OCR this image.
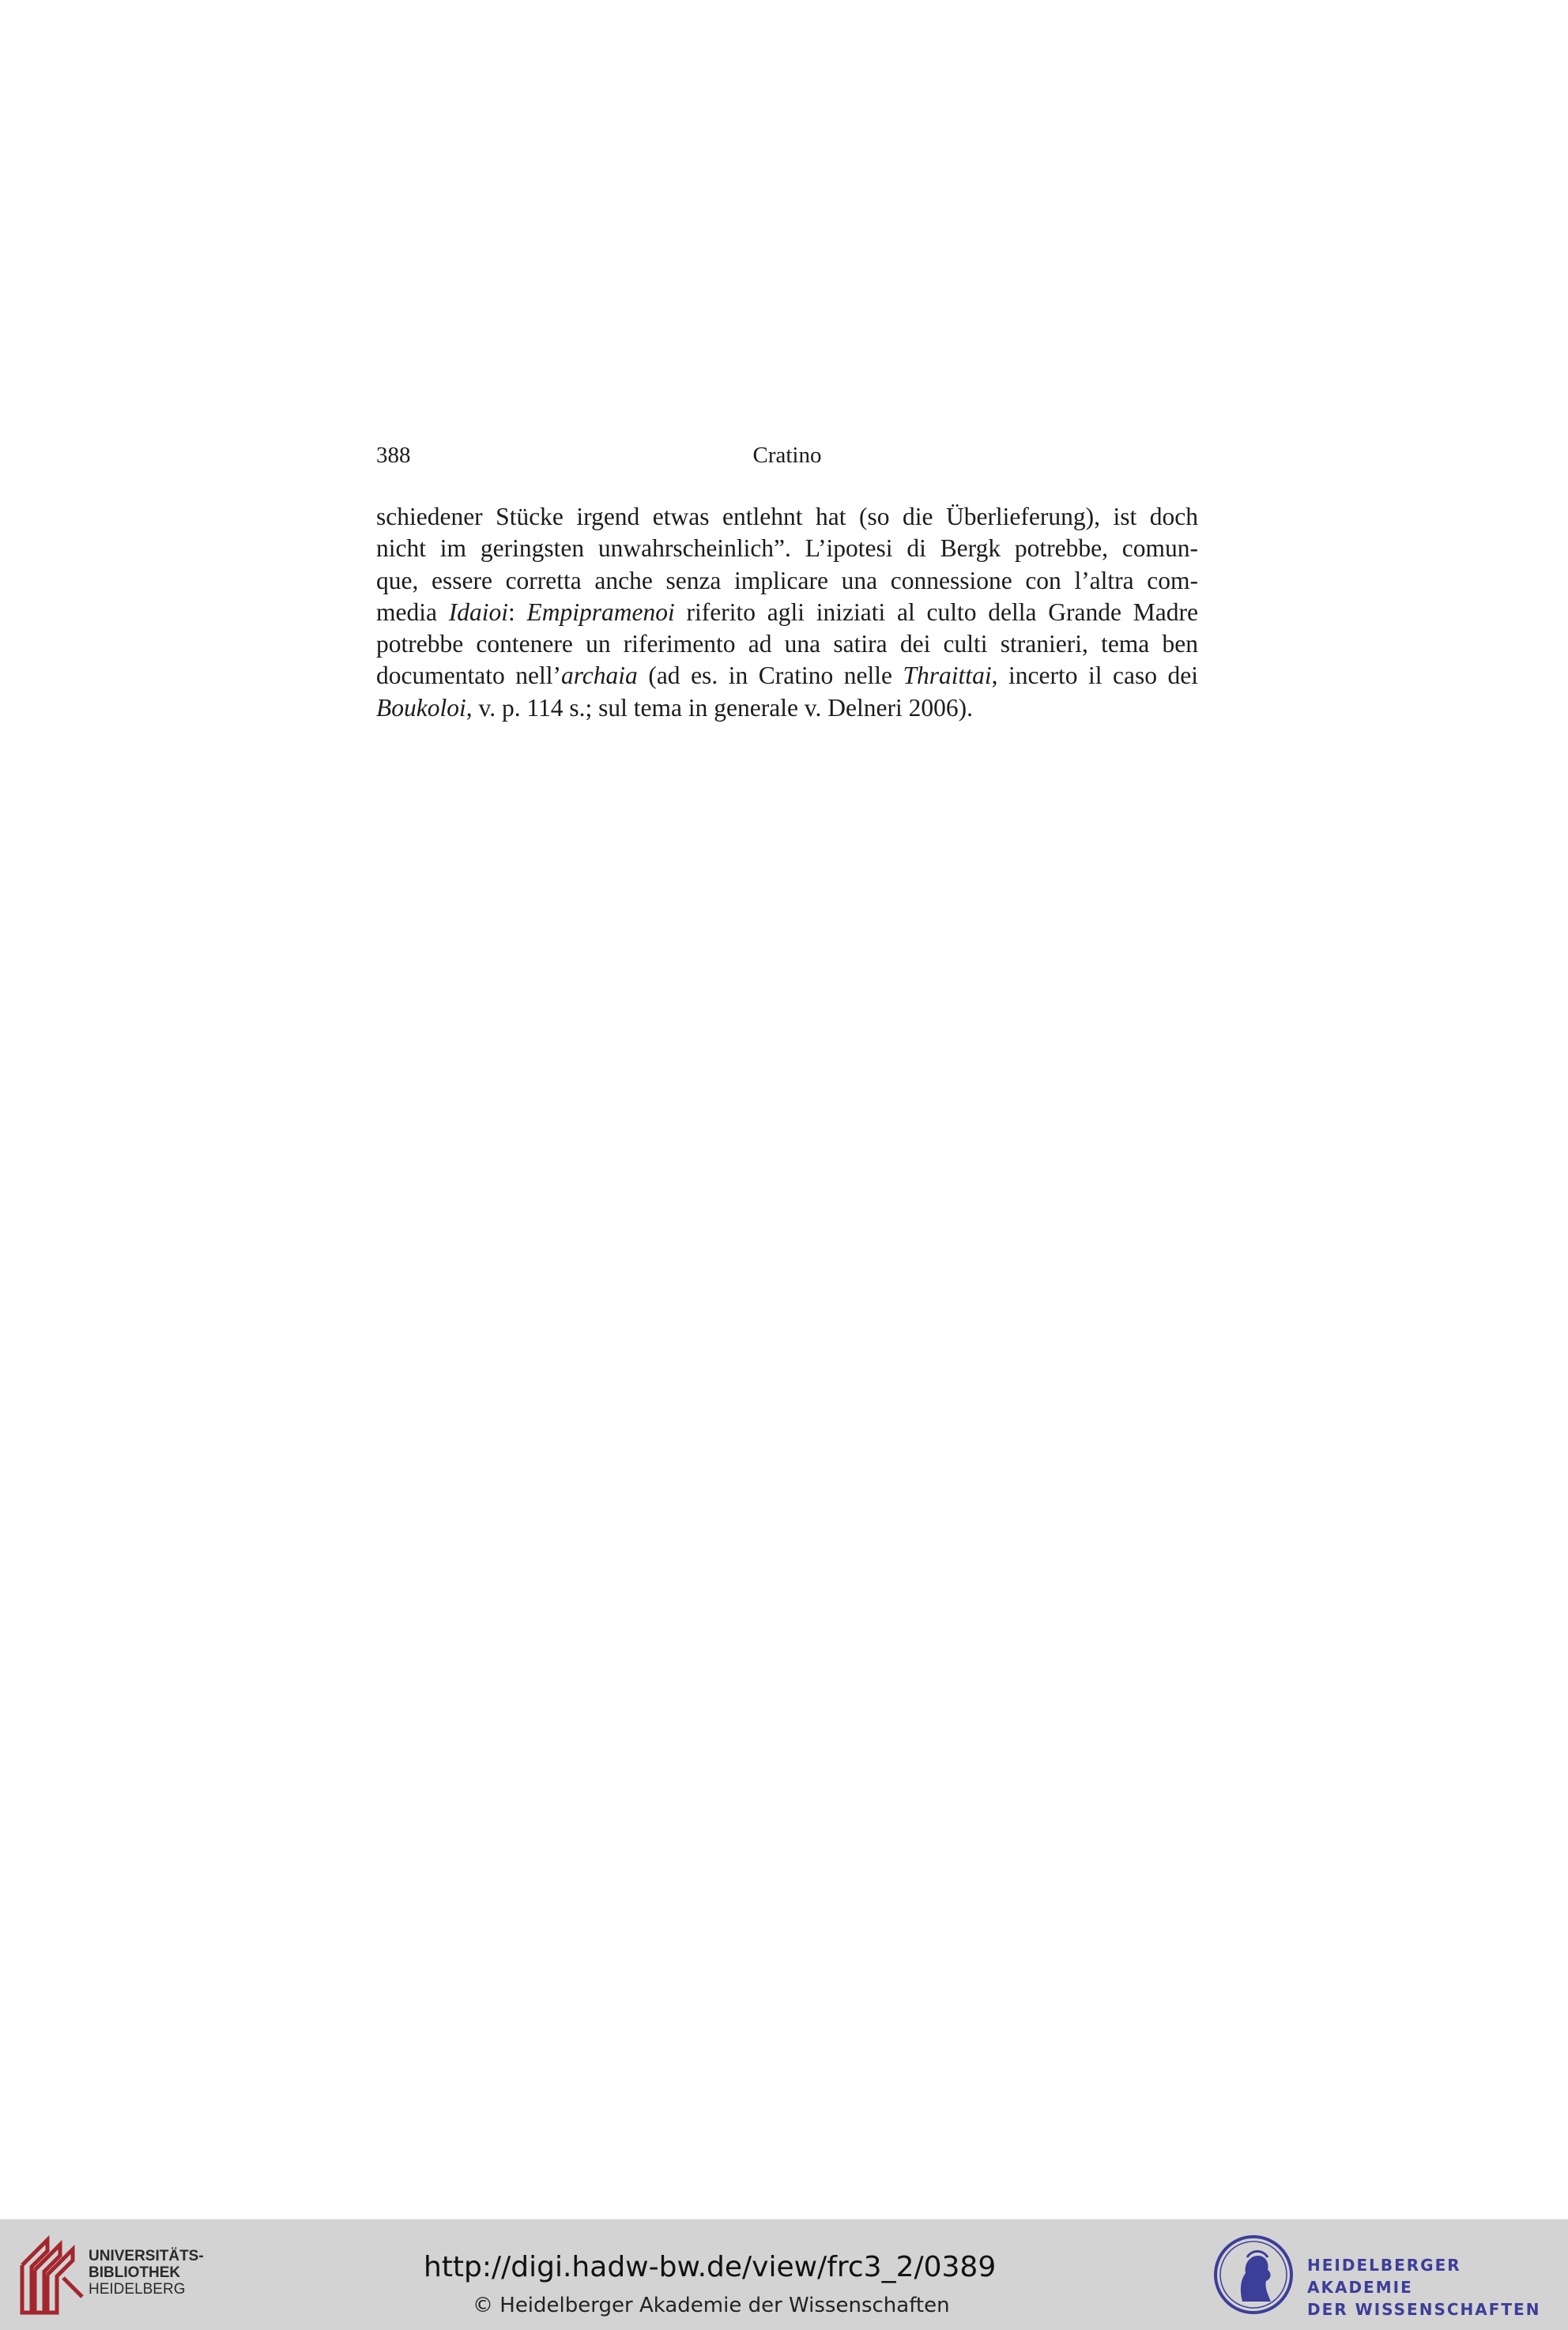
388	Cratino
schiedener Stücke irgend etwas entlehnt hat (so die Überlieferung), ist doch
nicht im geringsten unwahrscheinlich”. L’ipotesi di Bergk potrebbe, comun-
que, essere corretta anche senza implicare una connessione con l’altra com-
media Idaioi: Empipramenoi riferito agli iniziati al culto della Grande Madre
potrebbe contenere un riferimento ad una satira dei culti stranieri, tema ben
documentato nell’archaia (ad es. in Cratino nelle Thraittai, incerto il caso dei
Boukoloi, v. p. 114 s.; sul tema in generale v. Delneri 2006).
UNIVERSITÄTS-
BIBLIOTHEK
HEIDELBERG
http://digi.hadw-bw.de/view/frc3_2/0389
© Heidelberger Akademie der Wissenschaften
HEIDELBERGER AKADEMIE
DER WISSENSCHAFTEN
